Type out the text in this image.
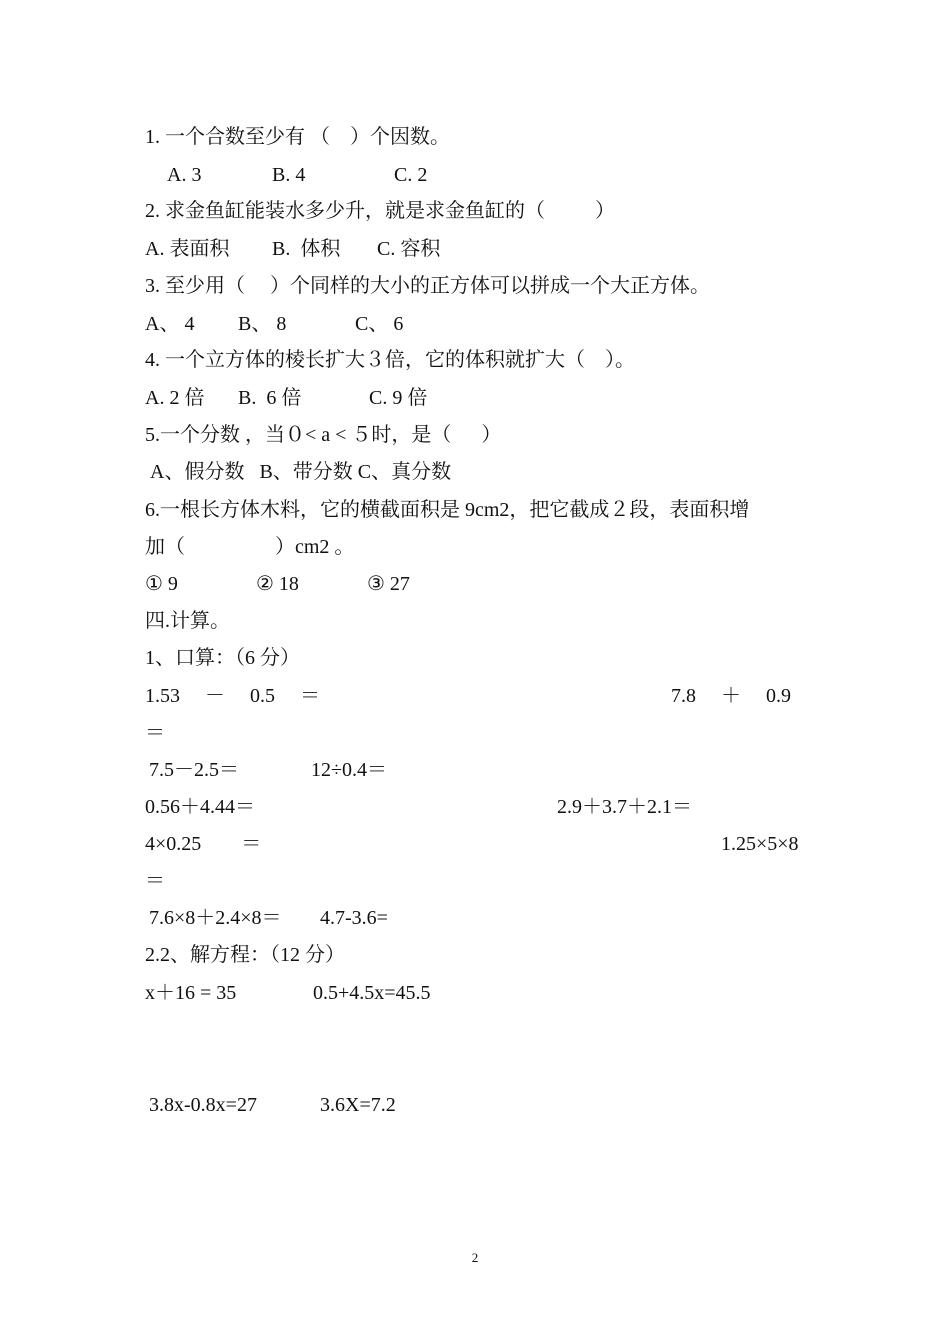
1. 一个合数至少有 （    ）个因数。

A. 3

	B. 4

	C. 2

2. 求金鱼缸能装水多少升，就是求金鱼缸的（          ）

A. 表面积

B.  体积

C. 容积

3. 至少用（     ）个同样的大小的正方体可以拼成一个大正方体。

A、 4

B、 8

	C、 6

4. 一个立方体的棱长扩大３倍，它的体积就扩大（    ）。

A. 2 倍

B.  6 倍

	C. 9 倍

5.一个分数 ，当０< a < ５时，是（      ）

A、假分数   B、带分数 C、真分数

6.一根长方体木料，它的横截面积是 9cm2，把它截成２段，表面积增

加（                  ）cm2 。

① 9

	② 18

	③ 27

四.计算。

1、口算：（6 分）

1.53     －     0.5     ＝

	7.8     ＋     0.9

＝

7.5－2.5＝

	12÷0.4＝

0.56＋4.44＝

	2.9＋3.7＋2.1＝

4×0.25        ＝

	1.25×5×8

＝

7.6×8＋2.4×8＝

4.7-3.6=

2.2、解方程：（12 分）

x＋16 = 35

	0.5+4.5x=45.5

3.8x-0.8x=27

	3.6X=7.2

2
